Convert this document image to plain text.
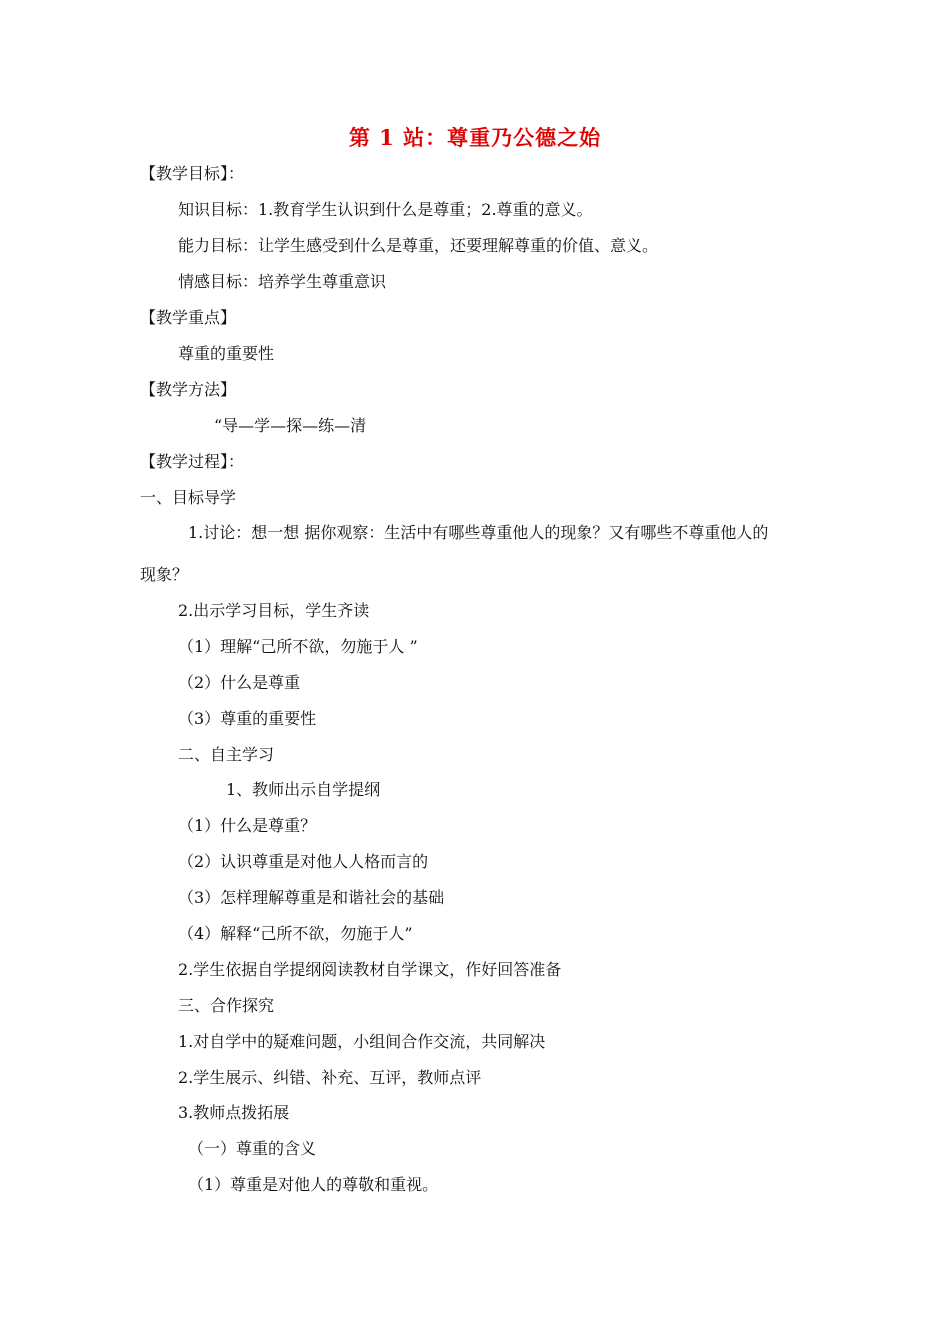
第 1 站：尊重乃公德之始
【教学目标】：
知识目标：1.教育学生认识到什么是尊重；2.尊重的意义。
能力目标：让学生感受到什么是尊重，还要理解尊重的价值、意义。
情感目标：培养学生尊重意识
【教学重点】
尊重的重要性
【教学方法】
“导—学—探—练—清
【教学过程】：
一、目标导学
1.讨论：想一想 据你观察：生活中有哪些尊重他人的现象？又有哪些不尊重他人的
现象？
2.出示学习目标，学生齐读
（1）理解“己所不欲，勿施于人 ”
（2）什么是尊重
（3）尊重的重要性
二、自主学习
1、教师出示自学提纲
（1）什么是尊重？
（2）认识尊重是对他人人格而言的
（3）怎样理解尊重是和谐社会的基础
（4）解释“己所不欲，勿施于人”
2.学生依据自学提纲阅读教材自学课文，作好回答准备
三、合作探究
1.对自学中的疑难问题，小组间合作交流，共同解决
2.学生展示、纠错、补充、互评，教师点评
3.教师点拨拓展
（一）尊重的含义
（1）尊重是对他人的尊敬和重视。
